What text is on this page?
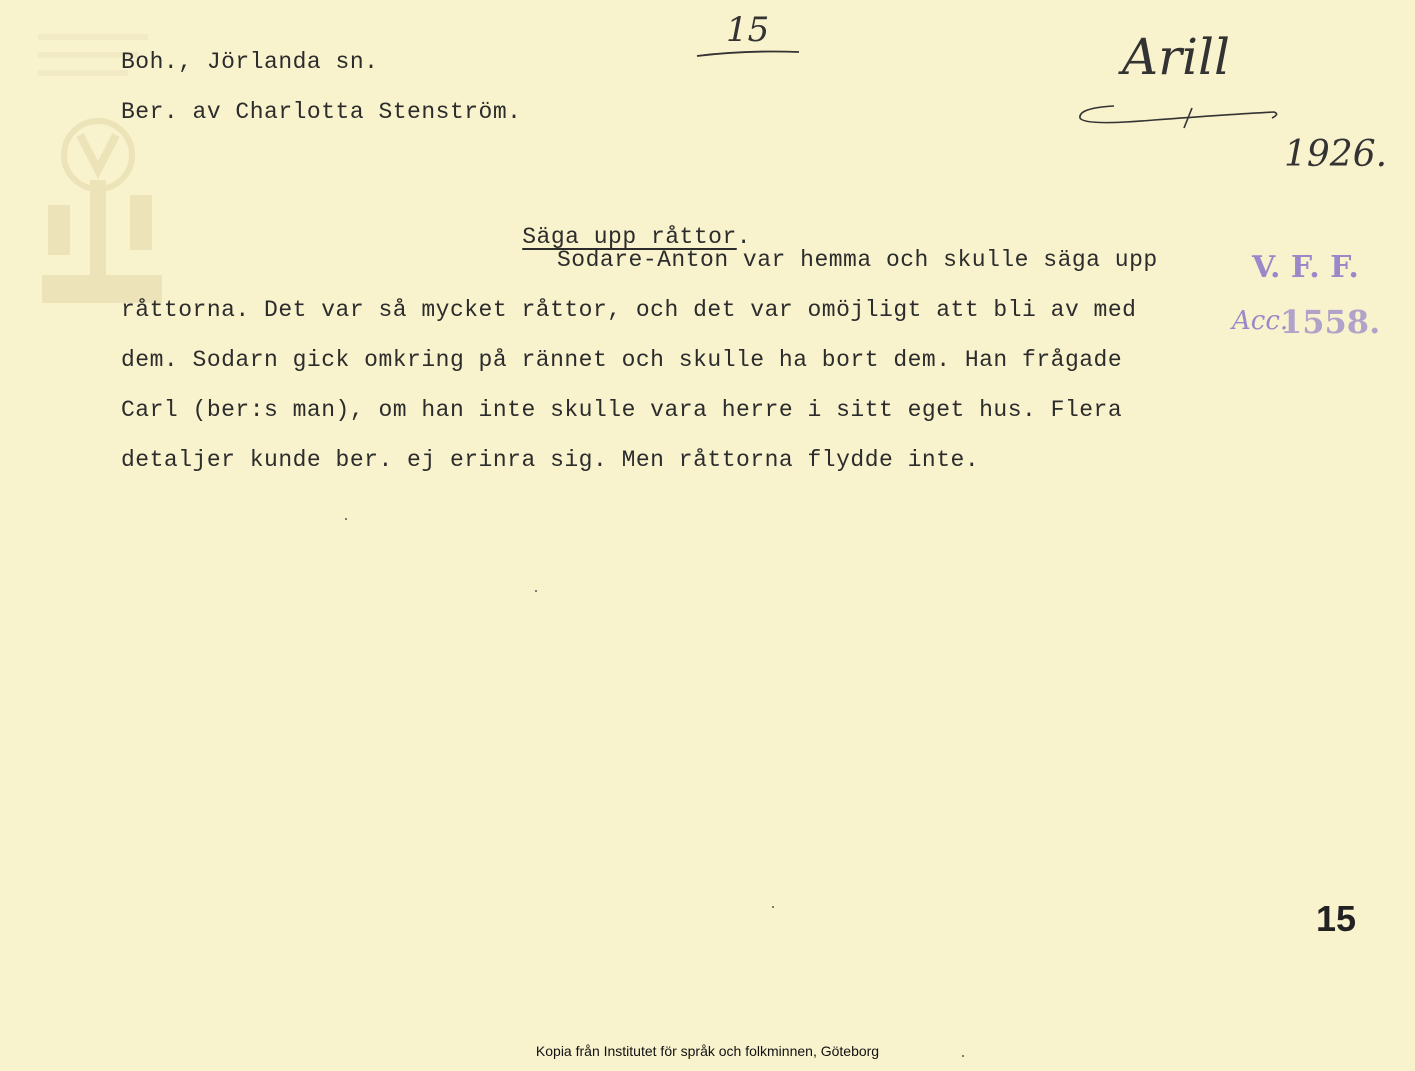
Boh., Jörlanda sn.
Ber. av Charlotta Stenström.
15	Arill
1926.
V. F. F.
Acc.
1558.

Säga upp råttor.

Sodare-Anton var hemma och skulle säga upp
råttorna. Det var så mycket råttor, och det var omöjligt att bli av med
dem. Sodarn gick omkring på rännet och skulle ha bort dem. Han frågade
Carl (ber:s man), om han inte skulle vara herre i sitt eget hus. Flera
detaljer kunde ber. ej erinra sig. Men råttorna flydde inte.
15
Kopia från Institutet för språk och folkminnen, Göteborg
